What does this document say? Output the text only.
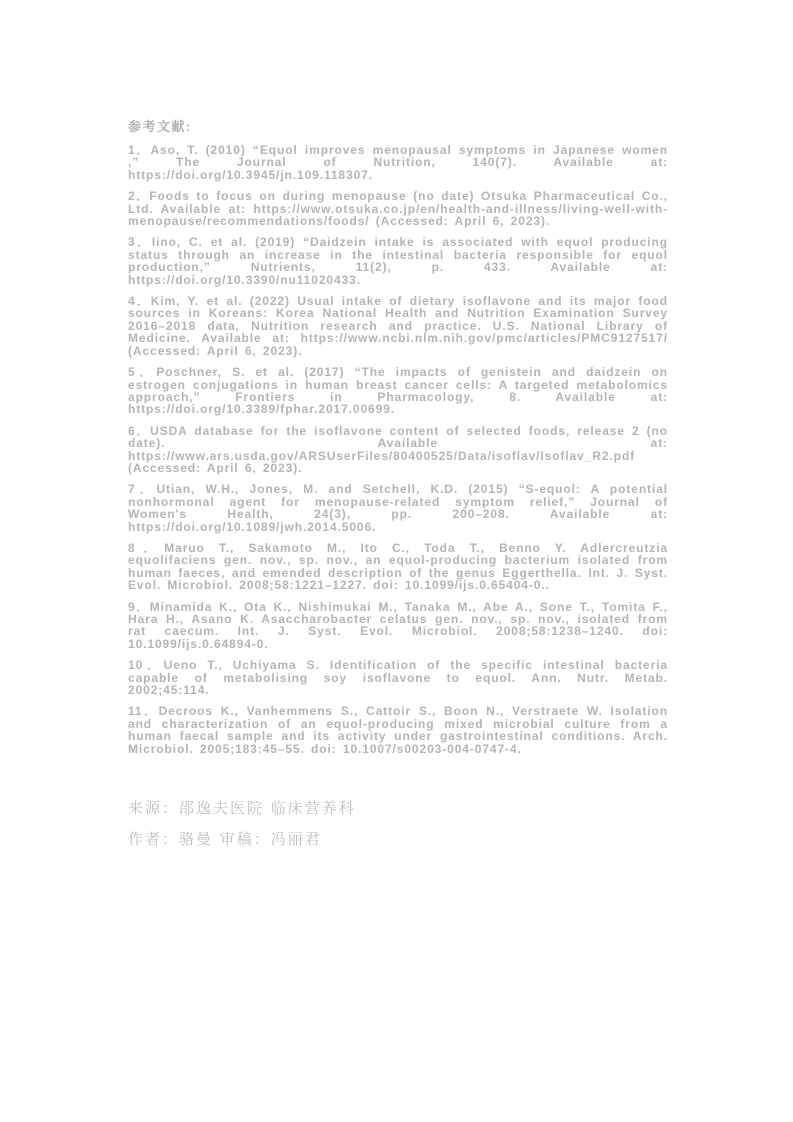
参考文献:

1．Aso, T. (2010) “Equol improves menopausal symptoms in Japanese women ,” The Journal of Nutrition, 140(7). Available at: https://doi.org/10.3945/jn.109.118307.

2．Foods to focus on during menopause (no date) Otsuka Pharmaceutical Co., Ltd. Available at: https://www.otsuka.co.jp/en/health-and-illness/living-well-with-menopause/recommendations/foods/ (Accessed: April 6, 2023).

3．Iino, C. et al. (2019) “Daidzein intake is associated with equol producing status through an increase in the intestinal bacteria responsible for equol production,” Nutrients, 11(2), p. 433. Available at: https://doi.org/10.3390/nu11020433.

4．Kim, Y. et al. (2022) Usual intake of dietary isoflavone and its major food sources in Koreans: Korea National Health and Nutrition Examination Survey 2016–2018 data, Nutrition research and practice. U.S. National Library of Medicine. Available at: https://www.ncbi.nlm.nih.gov/pmc/articles/PMC9127517/ (Accessed: April 6, 2023).

5．Poschner, S. et al. (2017) “The impacts of genistein and daidzein on estrogen conjugations in human breast cancer cells: A targeted metabolomics approach,” Frontiers in Pharmacology, 8. Available at: https://doi.org/10.3389/fphar.2017.00699.

6．USDA database for the isoflavone content of selected foods, release 2 (no date). Available at: https://www.ars.usda.gov/ARSUserFiles/80400525/Data/isoflav/Isoflav_R2.pdf (Accessed: April 6, 2023).

7．Utian, W.H., Jones, M. and Setchell, K.D. (2015) “S-equol: A potential nonhormonal agent for menopause-related symptom relief,” Journal of Women's Health, 24(3), pp. 200–208. Available at: https://doi.org/10.1089/jwh.2014.5006.

8．Maruo T., Sakamoto M., Ito C., Toda T., Benno Y. Adlercreutzia equolifaciens gen. nov., sp. nov., an equol-producing bacterium isolated from human faeces, and emended description of the genus Eggerthella. Int. J. Syst. Evol. Microbiol. 2008;58:1221–1227. doi: 10.1099/ijs.0.65404-0..

9．Minamida K., Ota K., Nishimukai M., Tanaka M., Abe A., Sone T., Tomita F., Hara H., Asano K. Asaccharobacter celatus gen. nov., sp. nov., isolated from rat caecum. Int. J. Syst. Evol. Microbiol. 2008;58:1238–1240. doi: 10.1099/ijs.0.64894-0.

10．Ueno T., Uchiyama S. Identification of the specific intestinal bacteria capable of metabolising soy isoflavone to equol. Ann. Nutr. Metab. 2002;45:114.

11．Decroos K., Vanhemmens S., Cattoir S., Boon N., Verstraete W. Isolation and characterization of an equol-producing mixed microbial culture from a human faecal sample and its activity under gastrointestinal conditions. Arch. Microbiol. 2005;183:45–55. doi: 10.1007/s00203-004-0747-4.

来源：邵逸夫医院 临床营养科

作者：骆曼 审稿：冯丽君
